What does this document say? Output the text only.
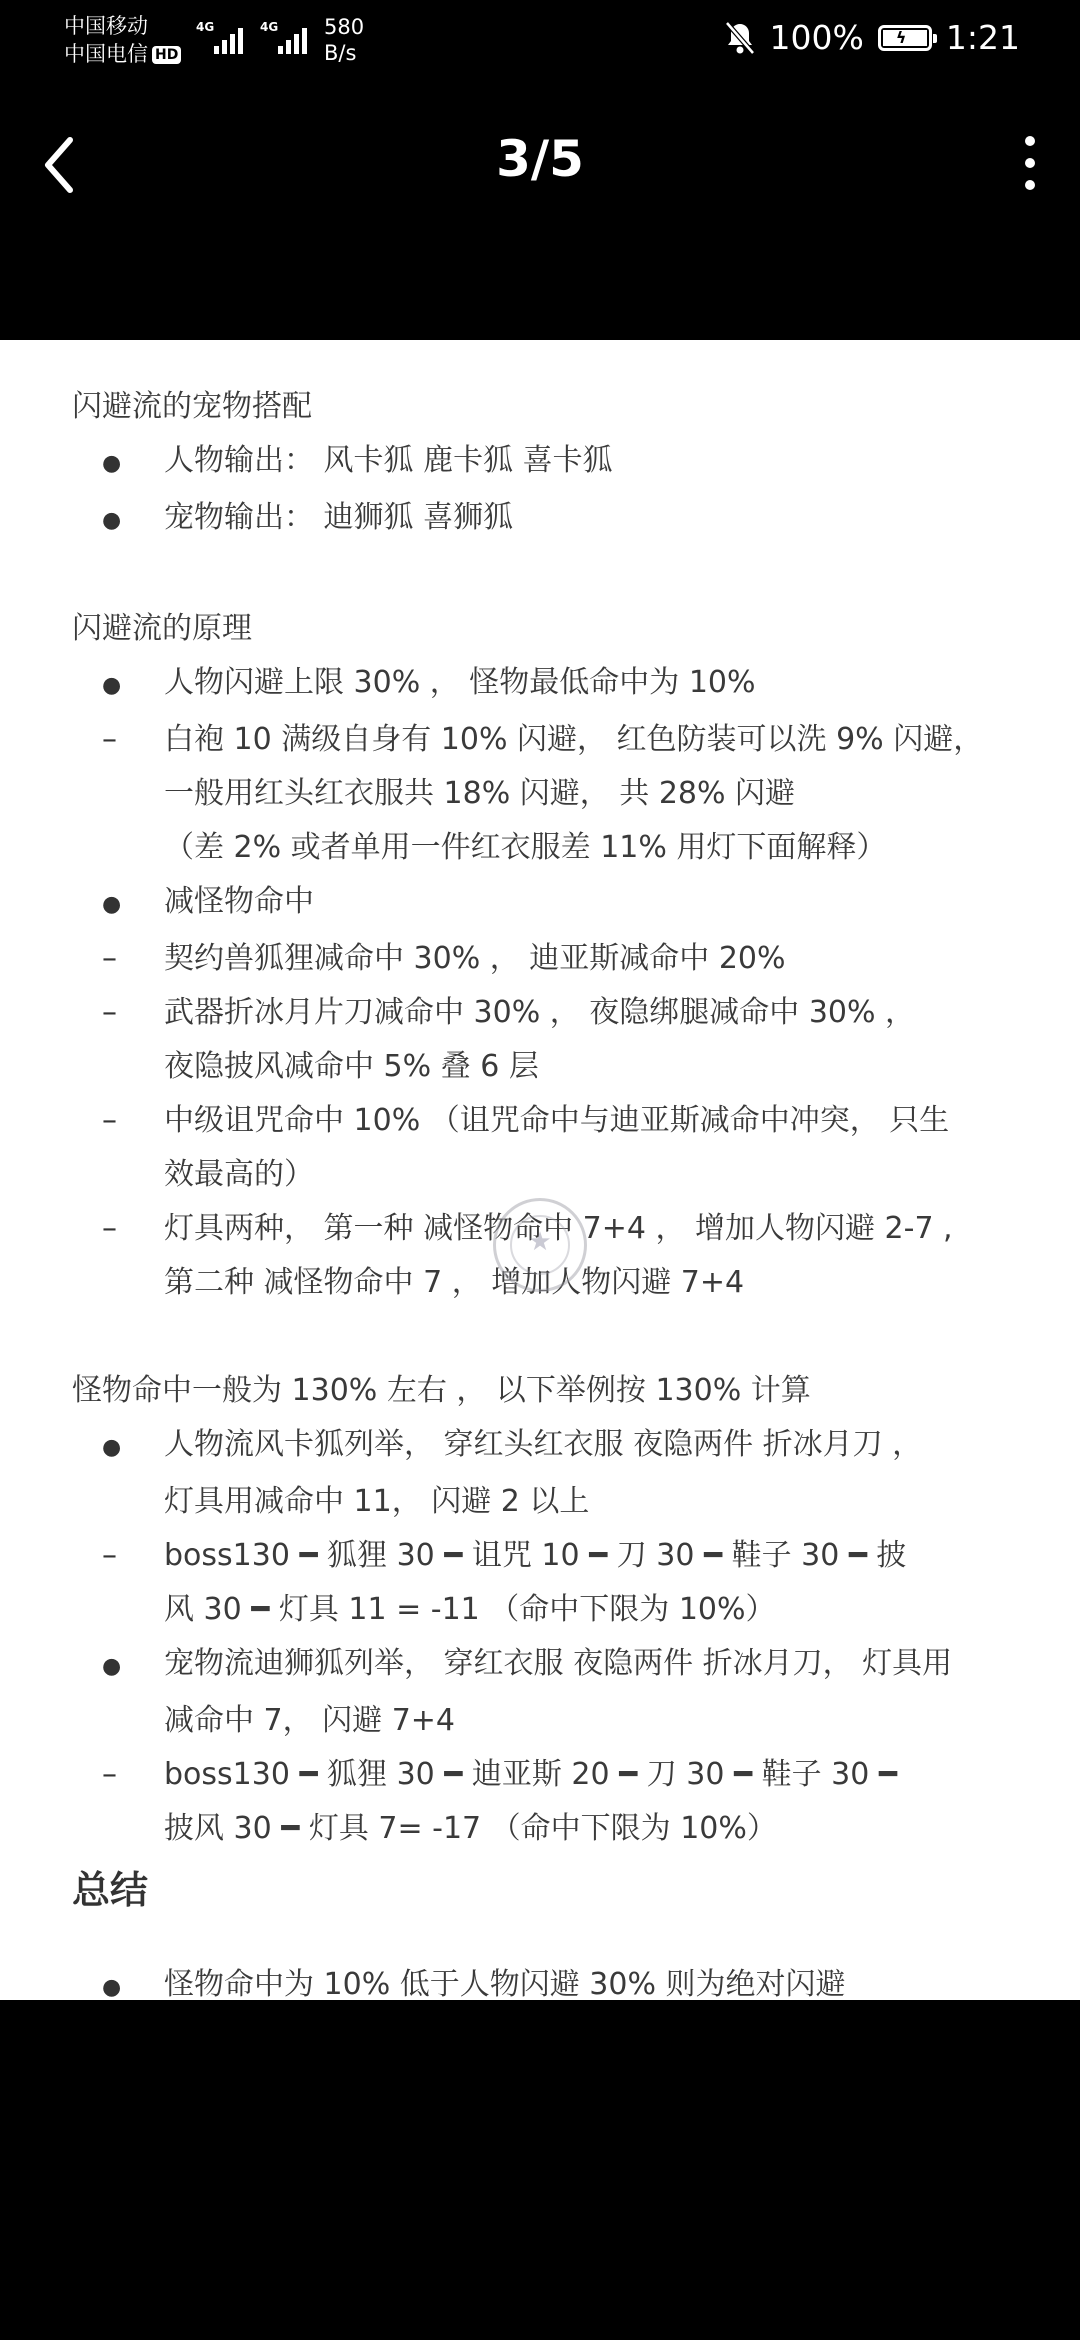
中国移动
中国电信 HD
4G	4G 580
B/s	100% ϟ 1:21
3/5

闪避流的宠物搭配

●
人物输出： 风卡狐 鹿卡狐 喜卡狐
●
宠物输出： 迪狮狐 喜狮狐

闪避流的原理

●
人物闪避上限 30% ， 怪物最低命中为 10%
–
白袍 10 满级自身有 10% 闪避， 红色防装可以洗 9% 闪避，
一般用红头红衣服共 18% 闪避， 共 28% 闪避
（差 2% 或者单用一件红衣服差 11% 用灯下面解释）
●
减怪物命中
–
契约兽狐狸减命中 30% ， 迪亚斯减命中 20%
–
武器折冰月片刀减命中 30% ， 夜隐绑腿减命中 30% ，
夜隐披风减命中 5% 叠 6 层
–
中级诅咒命中 10% （诅咒命中与迪亚斯减命中冲突， 只生
效最高的）
–
灯具两种， 第一种 减怪物命中 7+4 ， 增加人物闪避 2-7 ,
第二种 减怪物命中 7 ， 增加人物闪避 7+4

怪物命中一般为 130% 左右 ， 以下举例按 130% 计算

●
人物流风卡狐列举， 穿红头红衣服 夜隐两件 折冰月刀 ，
灯具用减命中 11， 闪避 2 以上
–
boss130 ━ 狐狸 30 ━ 诅咒 10 ━ 刀 30 ━ 鞋子 30 ━ 披
风 30 ━ 灯具 11 = -11 （命中下限为 10%）
●
宠物流迪狮狐列举， 穿红衣服 夜隐两件 折冰月刀， 灯具用
减命中 7， 闪避 7+4
–
boss130 ━ 狐狸 30 ━ 迪亚斯 20 ━ 刀 30 ━ 鞋子 30 ━
披风 30 ━ 灯具 7= -17 （命中下限为 10%）

总结

●
怪物命中为 10% 低于人物闪避 30% 则为绝对闪避
★
